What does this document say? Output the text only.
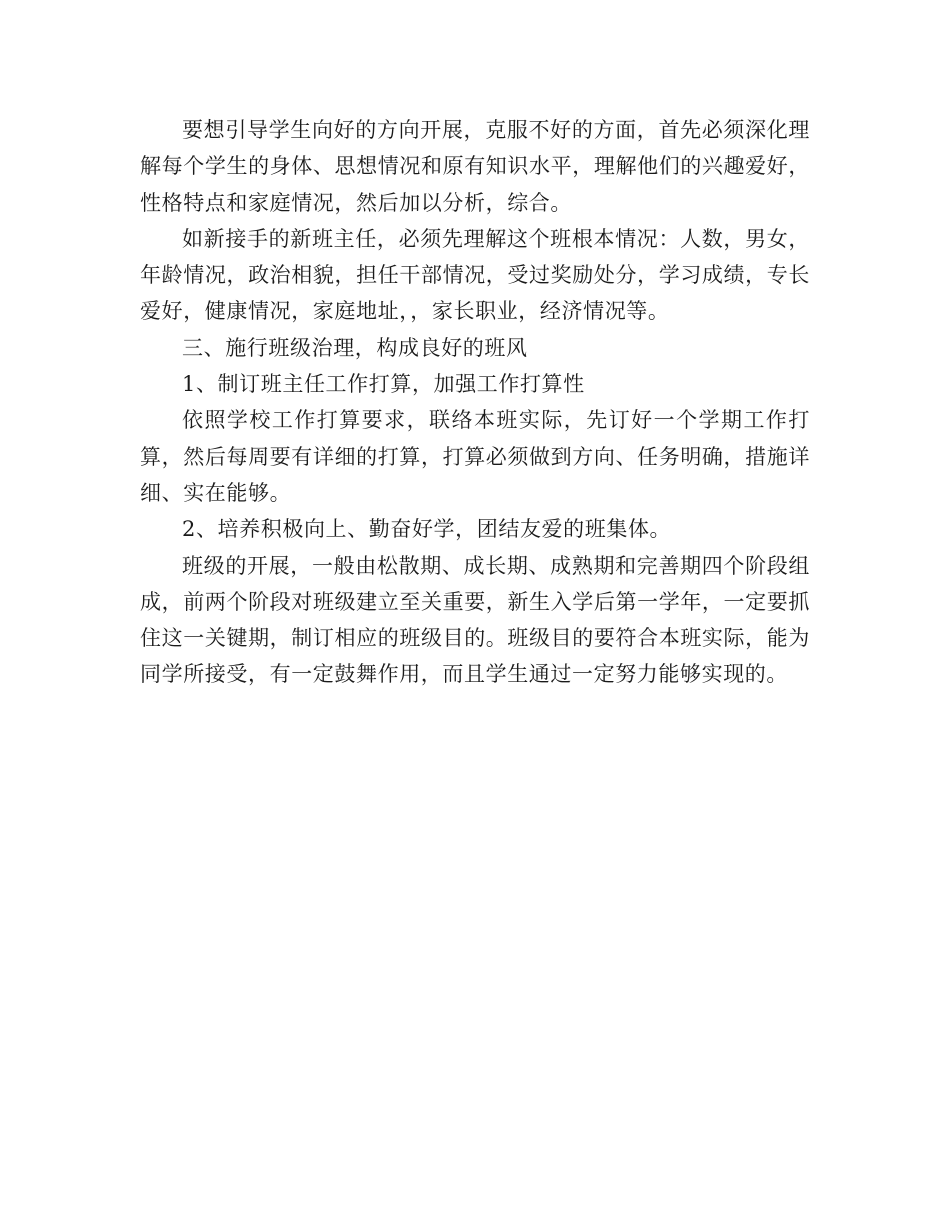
要想引导学生向好的方向开展，克服不好的方面，首先必须深化理解每个学生的身体、思想情况和原有知识水平，理解他们的兴趣爱好，性格特点和家庭情况，然后加以分析，综合。

如新接手的新班主任，必须先理解这个班根本情况：人数，男女，年龄情况，政治相貌，担任干部情况，受过奖励处分，学习成绩，专长爱好，健康情况，家庭地址，，家长职业，经济情况等。

三、施行班级治理，构成良好的班风

1、制订班主任工作打算，加强工作打算性

依照学校工作打算要求，联络本班实际，先订好一个学期工作打算，然后每周要有详细的打算，打算必须做到方向、任务明确，措施详细、实在能够。

2、培养积极向上、勤奋好学，团结友爱的班集体。

班级的开展，一般由松散期、成长期、成熟期和完善期四个阶段组成，前两个阶段对班级建立至关重要，新生入学后第一学年，一定要抓住这一关键期，制订相应的班级目的。班级目的要符合本班实际，能为同学所接受，有一定鼓舞作用，而且学生通过一定努力能够实现的。
